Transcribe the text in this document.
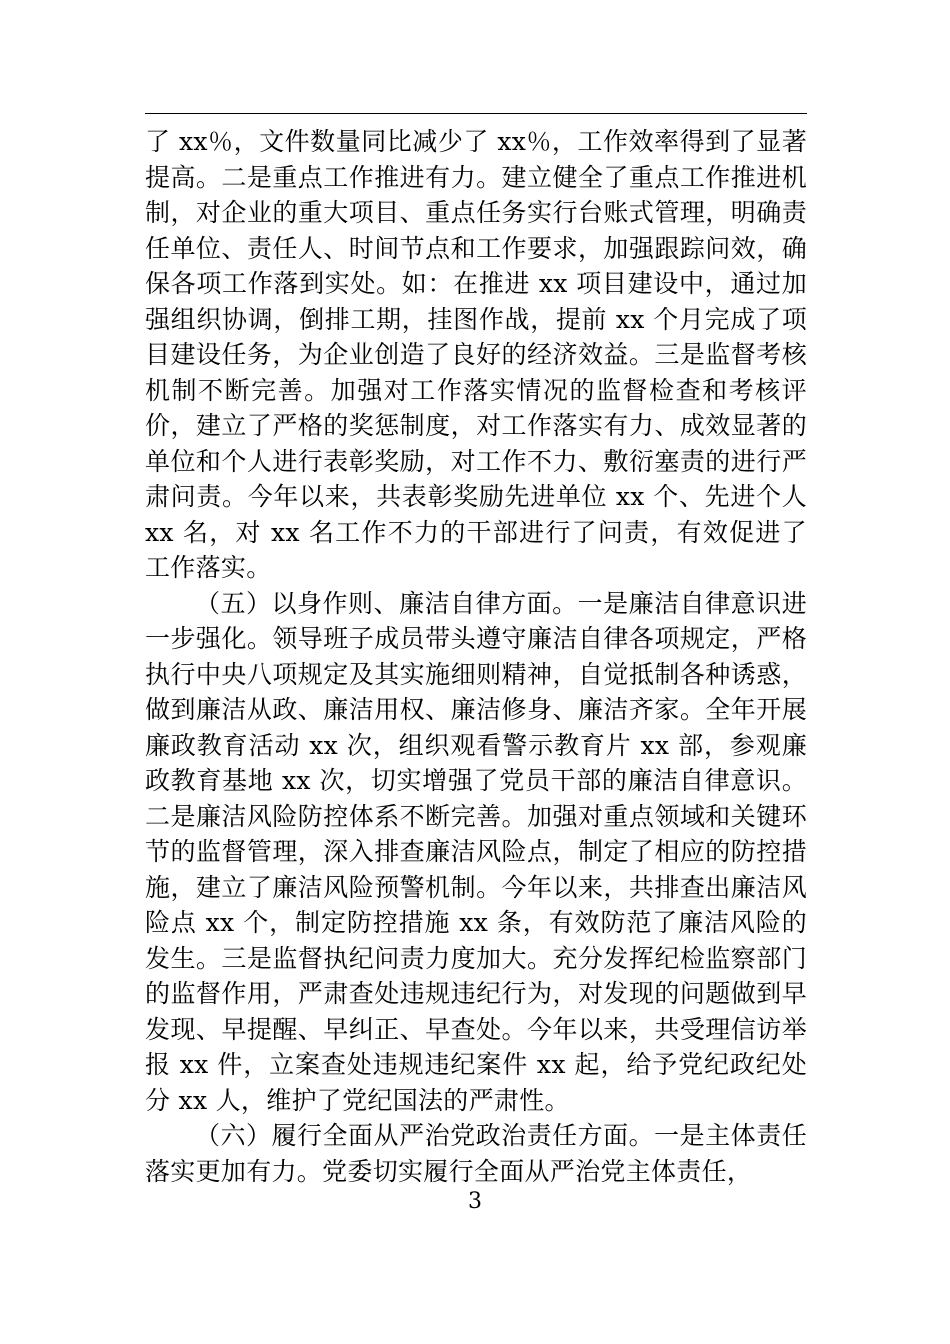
了 xx％，文件数量同比减少了 xx％，工作效率得到了显著提高。二是重点工作推进有力。建立健全了重点工作推进机制，对企业的重大项目、重点任务实行台账式管理，明确责任单位、责任人、时间节点和工作要求，加强跟踪问效，确保各项工作落到实处。如：在推进 xx 项目建设中，通过加强组织协调，倒排工期，挂图作战，提前 xx 个月完成了项目建设任务，为企业创造了良好的经济效益。三是监督考核机制不断完善。加强对工作落实情况的监督检查和考核评价，建立了严格的奖惩制度，对工作落实有力、成效显著的单位和个人进行表彰奖励，对工作不力、敷衍塞责的进行严肃问责。今年以来，共表彰奖励先进单位 xx 个、先进个人 xx 名，对 xx 名工作不力的干部进行了问责，有效促进了工作落实。

（五）以身作则、廉洁自律方面。一是廉洁自律意识进一步强化。领导班子成员带头遵守廉洁自律各项规定，严格执行中央八项规定及其实施细则精神，自觉抵制各种诱惑，做到廉洁从政、廉洁用权、廉洁修身、廉洁齐家。全年开展廉政教育活动 xx 次，组织观看警示教育片 xx 部，参观廉政教育基地 xx 次，切实增强了党员干部的廉洁自律意识。二是廉洁风险防控体系不断完善。加强对重点领域和关键环节的监督管理，深入排查廉洁风险点，制定了相应的防控措施，建立了廉洁风险预警机制。今年以来，共排查出廉洁风险点 xx 个，制定防控措施 xx 条，有效防范了廉洁风险的发生。三是监督执纪问责力度加大。充分发挥纪检监察部门的监督作用，严肃查处违规违纪行为，对发现的问题做到早发现、早提醒、早纠正、早查处。今年以来，共受理信访举报 xx 件，立案查处违规违纪案件 xx 起，给予党纪政纪处分 xx 人，维护了党纪国法的严肃性。

（六）履行全面从严治党政治责任方面。一是主体责任落实更加有力。党委切实履行全面从严治党主体责任，

3
